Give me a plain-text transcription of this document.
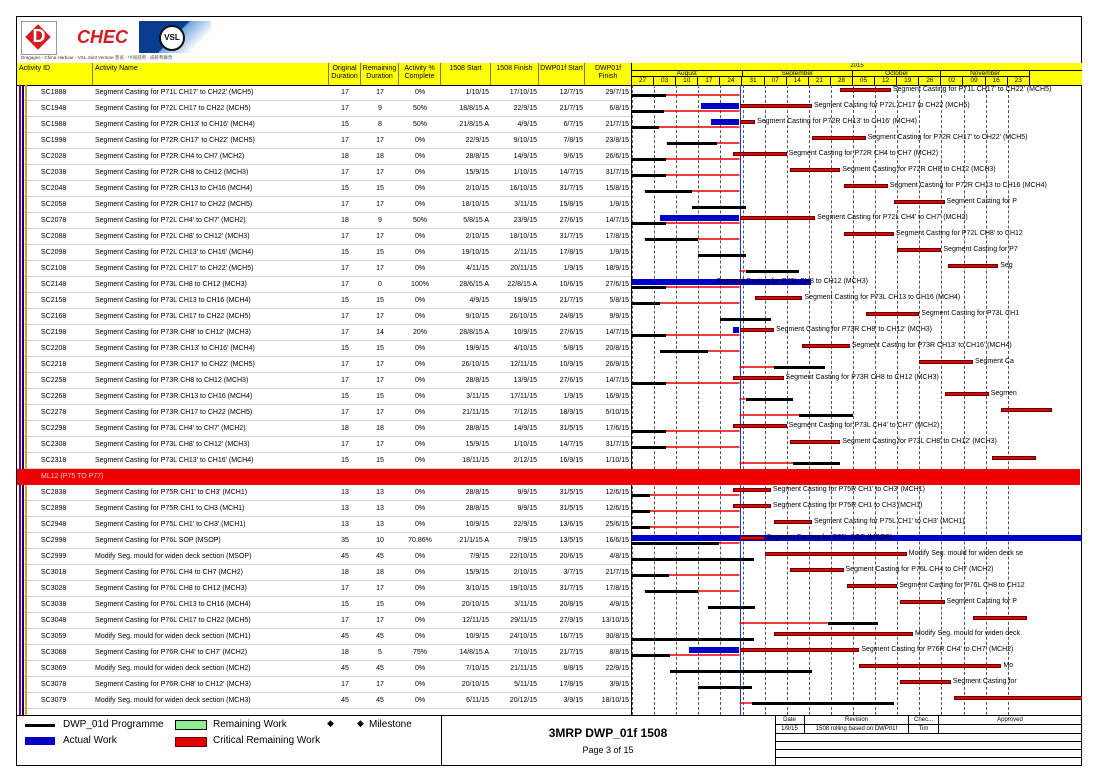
D	CHEC	VSL
Dragages - China Harbour - VSL Joint Venture 寶嘉 - 中國港灣 - 威勝利聯營
Activity ID	Activity Name	Original Duration
Remaining Duration
Activity % Complete
1508 Start	1508 Finish	DWP01f Start	DWP01f Finish
SC1888	Segment Casting for P71L CH17' to CH22' (MCH5)	17	17	0%	1/10/15	17/10/15	12/7/15	29/7/15
SC1948	Segment Casting for P72L CH17 to CH22 (MCH5)	17	9	50%	18/8/15 A	22/9/15	21/7/15	6/8/15
SC1988	Segment Casting for P72R CH13' to CH16' (MCH4)	15	8	50%	21/8/15 A	4/9/15	6/7/15	21/7/15
SC1998	Segment Casting for P72R CH17' to CH22' (MCH5)	17	17	0%	22/9/15	9/10/15	7/8/15	23/8/15
SC2028	Segment Casting for P72R CH4 to CH7 (MCH2)	18	18	0%	28/8/15	14/9/15	9/6/15	26/6/15
SC2038	Segment Casting for P72R CH8 to CH12 (MCH3)	17	17	0%	15/9/15	1/10/15	14/7/15	31/7/15
SC2048	Segment Casting for P72R CH13 to CH16 (MCH4)	15	15	0%	2/10/15	16/10/15	31/7/15	15/8/15
SC2058	Segment Casting for P72R CH17 to CH22 (MCH5)	17	17	0%	18/10/15	3/11/15	15/8/15	1/9/15
SC2078	Segment Casting for P72L CH4' to CH7' (MCH2)	18	9	50%	5/8/15 A	23/9/15	27/6/15	14/7/15
SC2088	Segment Casting for P72L CH8' to CH12' (MCH3)	17	17	0%	2/10/15	18/10/15	31/7/15	17/8/15
SC2098	Segment Casting for P72L CH13' to CH16' (MCH4)	15	15	0%	19/10/15	2/11/15	17/8/15	1/9/15
SC2108	Segment Casting for P72L CH17' to CH22' (MCH5)	17	17	0%	4/11/15	20/11/15	1/9/15	18/9/15
SC2148	Segment Casting for P73L CH8 to CH12 (MCH3)	17	0	100%	28/6/15 A	22/8/15 A	10/6/15	27/6/15
SC2158	Segment Casting for P73L CH13 to CH16 (MCH4)	15	15	0%	4/9/15	19/9/15	21/7/15	5/8/15
SC2168	Segment Casting for P73L CH17 to CH22 (MCH5)	17	17	0%	9/10/15	26/10/15	24/8/15	9/9/15
SC2198	Segment Casting for P73R CH8' to CH12' (MCH3)	17	14	20%	28/8/15 A	10/9/15	27/6/15	14/7/15
SC2208	Segment Casting for P73R CH13' to CH16' (MCH4)	15	15	0%	19/9/15	4/10/15	5/8/15	20/8/15
SC2218	Segment Casting for P73R CH17' to CH22' (MCH5)	17	17	0%	26/10/15	12/11/15	10/9/15	26/9/15
SC2258	Segment Casting for P73R CH8 to CH12 (MCH3)	17	17	0%	28/8/15	13/9/15	27/6/15	14/7/15
SC2268	Segment Casting for P73R CH13 to CH16 (MCH4)	15	15	0%	3/11/15	17/11/15	1/9/15	16/9/15
SC2278	Segment Casting for P73R CH17 to CH22 (MCH5)	17	17	0%	21/11/15	7/12/15	18/9/15	5/10/15
SC2298	Segment Casting for P73L CH4' to CH7' (MCH2)	18	18	0%	28/8/15	14/9/15	31/5/15	17/6/15
SC2308	Segment Casting for P73L CH8' to CH12' (MCH3)	17	17	0%	15/9/15	1/10/15	14/7/15	31/7/15
SC2318	Segment Casting for P73L CH13' to CH16' (MCH4)	15	15	0%	18/11/15	2/12/15	16/9/15	1/10/15
SC2838	Segment Casting for P75R CH1' to CH3' (MCH1)	13	13	0%	28/8/15	9/9/15	31/5/15	12/6/15
SC2898	Segment Casting for P75R CH1 to CH3 (MCH1)	13	13	0%	28/8/15	9/9/15	31/5/15	12/6/15
SC2948	Segment Casting for P75L CH1' to CH3' (MCH1)	13	13	0%	10/9/15	22/9/15	13/6/15	25/6/15
SC2998	Segment Casting for P76L SOP (MSOP)	35	10	70.86%	21/1/15 A	7/9/15	13/5/15	16/6/15
SC2999	Modify Seg. mould for widen deck section (MSOP)	45	45	0%	7/9/15	22/10/15	20/6/15	4/8/15
SC3018	Segment Casting for P76L CH4 to CH7 (MCH2)	18	18	0%	15/9/15	2/10/15	3/7/15	21/7/15
SC3028	Segment Casting for P76L CH8 to CH12 (MCH3)	17	17	0%	3/10/15	19/10/15	31/7/15	17/8/15
SC3038	Segment Casting for P76L CH13 to CH16 (MCH4)	15	15	0%	20/10/15	3/11/15	20/8/15	4/9/15
SC3048	Segment Casting for P76L CH17 to CH22 (MCH5)	17	17	0%	12/11/15	29/11/15	27/9/15	13/10/15
SC3059	Modify Seg. mould for widen deck section (MCH1)	45	45	0%	10/9/15	24/10/15	16/7/15	30/8/15
SC3068	Segment Casting for P76R CH4' to CH7' (MCH2)	18	5	75%	14/8/15 A	7/10/15	21/7/15	8/8/15
SC3069	Modify Seg. mould for widen deck section (MCH2)	45	45	0%	7/10/15	21/11/15	8/8/15	22/9/15
SC3078	Segment Casting for P76R CH8' to CH12' (MCH3)	17	17	0%	20/10/15	5/11/15	17/8/15	3/9/15
SC3079	Modify Seg. mould for widen deck section (MCH3)	45	45	0%	6/11/15	20/12/15	3/9/15	18/10/15
2015
August	September	October	November
27	03	10	17	24	31	07	14	21	28	05	12	19	26	02	09	16	23
Segment Casting for P71L CH17' to CH22' (MCH5)
Segment Casting for P72L CH17 to CH22 (MCH5)
Segment Casting for P72R CH13' to CH16' (MCH4)
Segment Casting for P72R CH17' to CH22' (MCH5)
Segment Casting for P72R CH4 to CH7 (MCH2)
Segment Casting for P72R CH8 to CH12 (MCH3)
Segment Casting for P72R CH13 to CH16 (MCH4)
Segment Casting for P
Segment Casting for P72L CH4' to CH7' (MCH2)
Segment Casting for P72L CH8' to CH12
Segment Casting for P7
Seg
Segment Casting for P73L CH8 to CH12 (MCH3)
Segment Casting for P73L CH13 to CH16 (MCH4)
Segment Casting for P73L CH1
Segment Casting for P73R CH8' to CH12' (MCH3)
Segment Casting for P73R CH13' to CH16' (MCH4)
Segment Ca
Segment Casting for P73R CH8 to CH12 (MCH3)
Segmen
Segment Casting for P73L CH4' to CH7' (MCH2)
Segment Casting for P73L CH8' to CH12' (MCH3)
Segment Casting for P75R CH1' to CH3' (MCH1)
Segment Casting for P75R CH1 to CH3 (MCH1)
Segment Casting for P75L CH1' to CH3' (MCH1)
Segment Casting for P76L SOP (MSOP)
Modify Seg. mould for widen deck se
Segment Casting for P76L CH4 to CH7 (MCH2)
Segment Casting for P76L CH8 to CH12
Segment Casting for P
Modify Seg. mould for widen deck
Segment Casting for P76R CH4' to CH7' (MCH2)
Mo
Segment Casting for
DWP_01d Programme	Remaining Work	◆	◆ Milestone
Actual Work	Critical Remaining Work
3MRP DWP_01f 1508
Page 3 of 15
Date	Revision	Chec...	Approved
1/9/15	1508 rolling based on DWP01f	Tim
ML12 (P75 TO P77)
